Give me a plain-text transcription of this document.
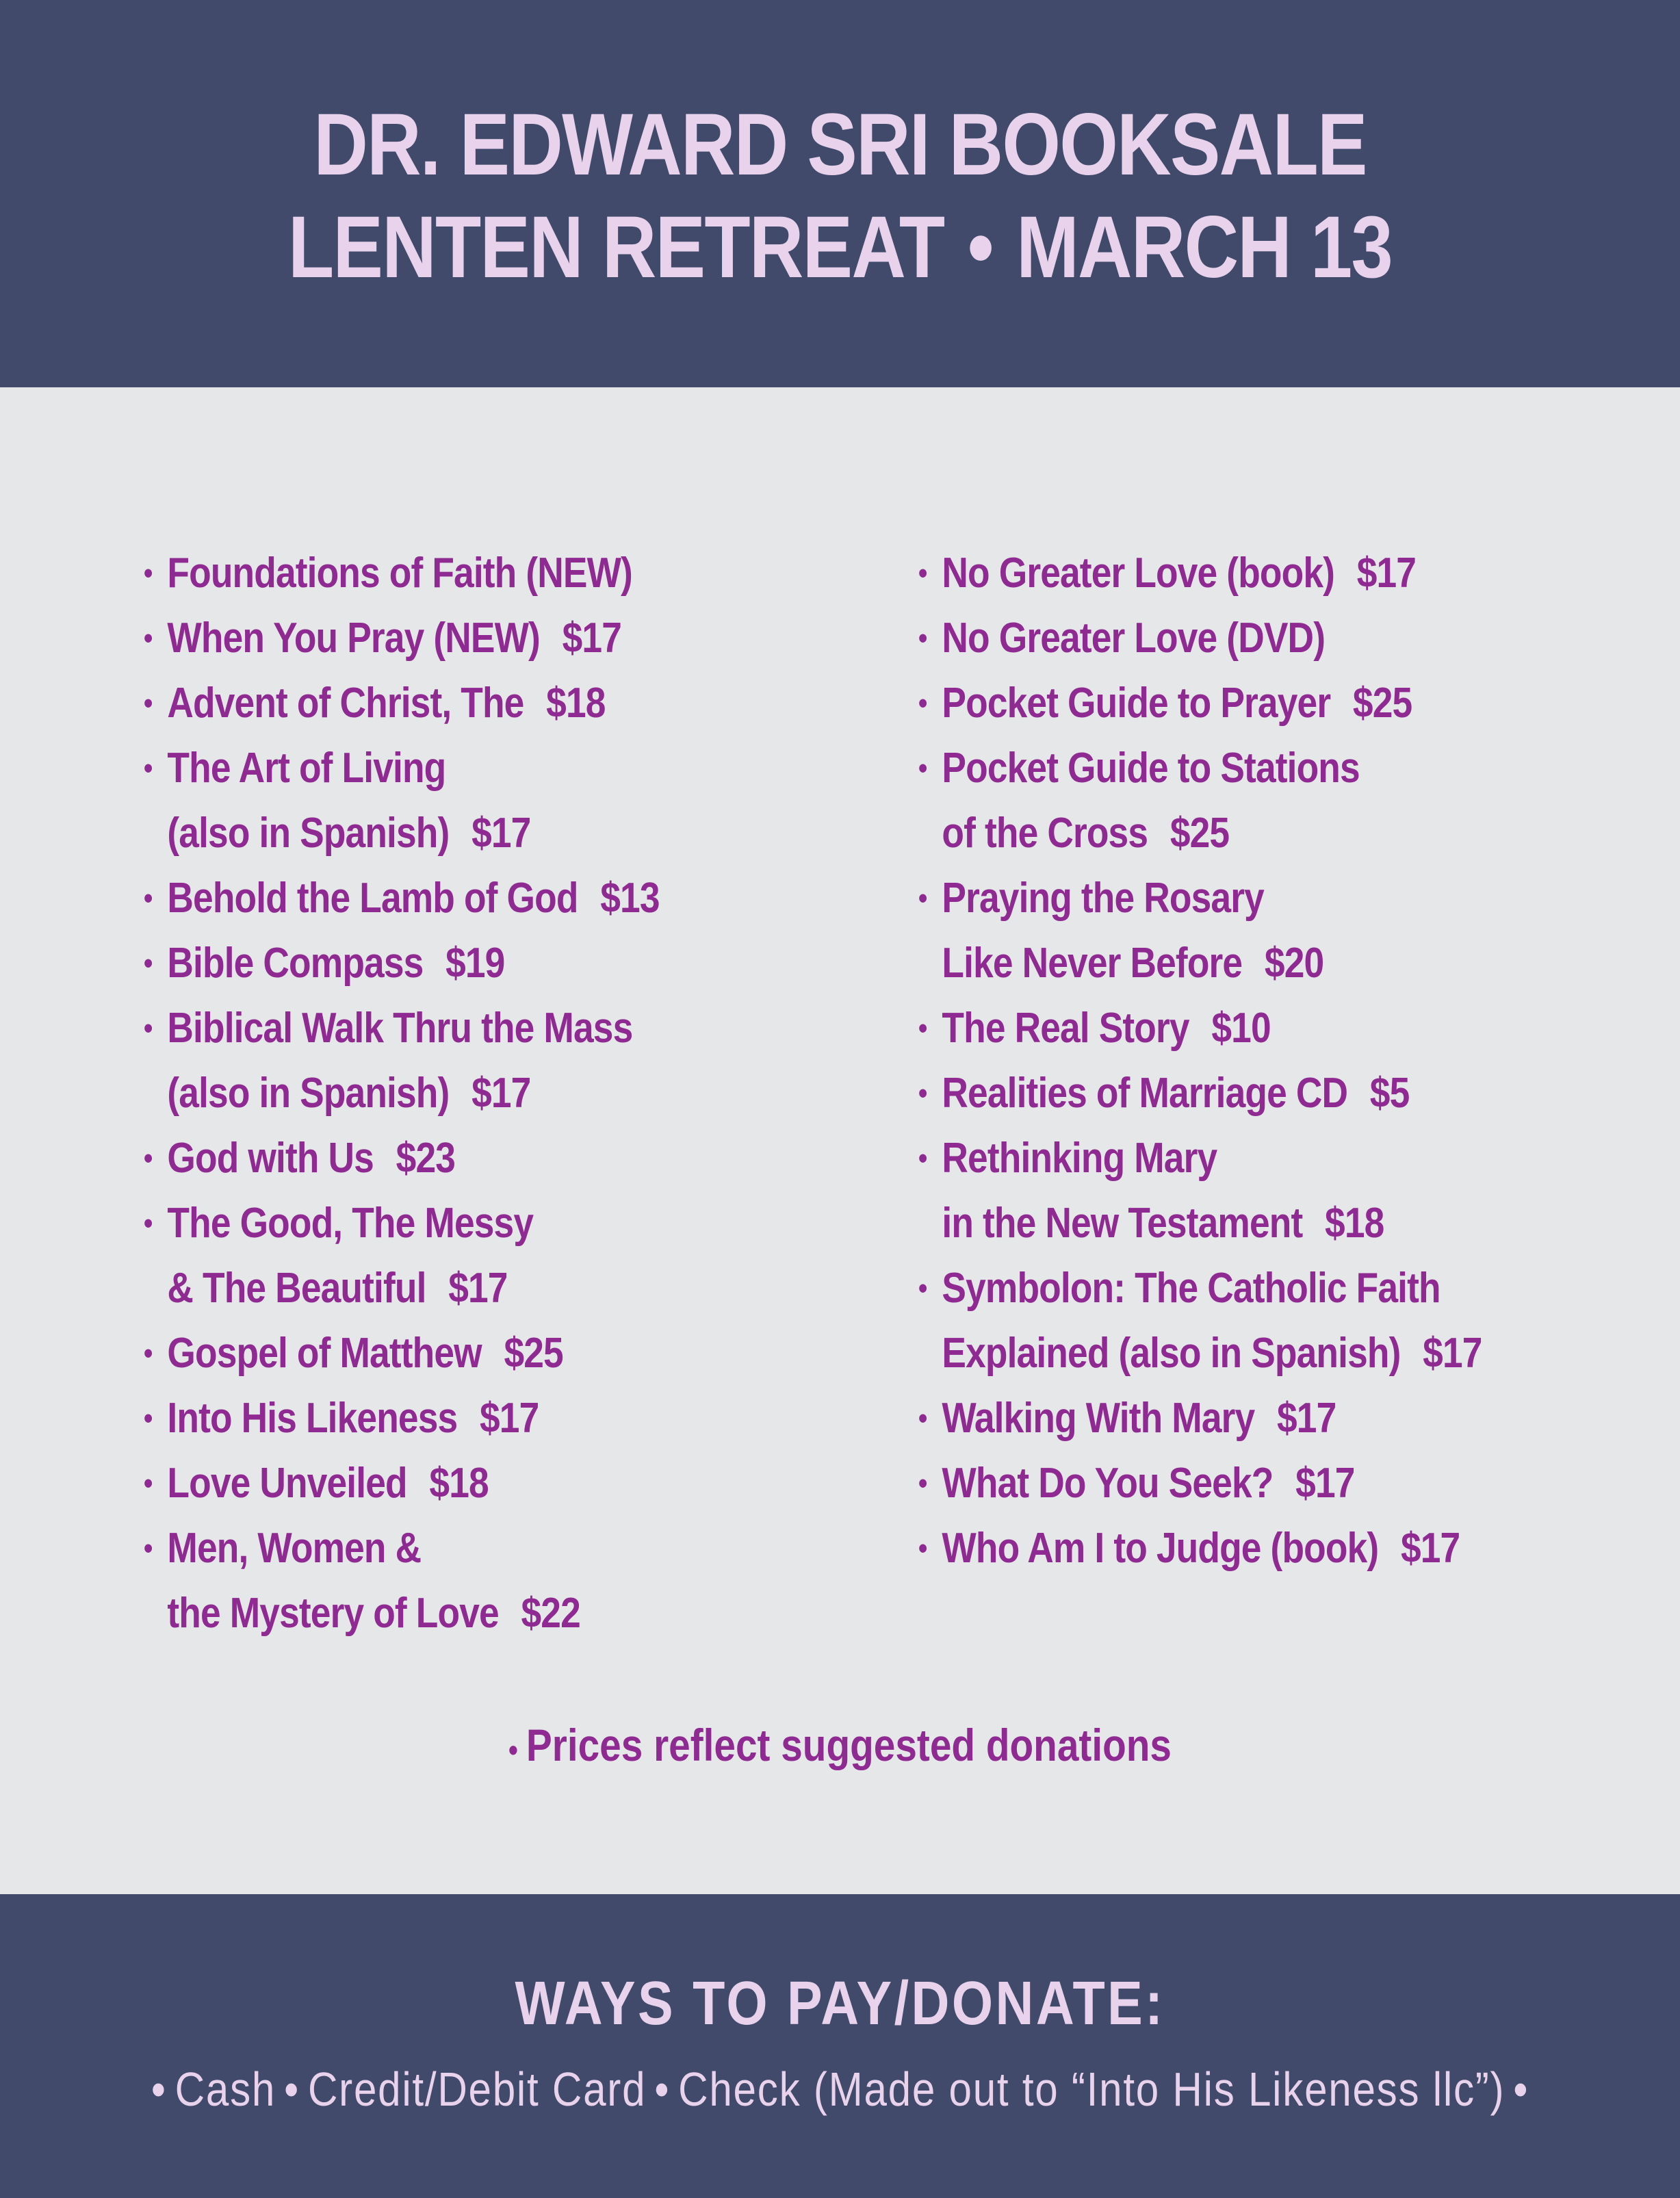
DR. EDWARD SRI BOOKSALE
LENTEN RETREAT • MARCH 13
• Foundations of Faith (NEW)
• When You Pray (NEW) $17
• Advent of Christ, The $18
• The Art of Living
(also in Spanish) $17
• Behold the Lamb of God $13
• Bible Compass $19
• Biblical Walk Thru the Mass
(also in Spanish) $17
• God with Us $23
• The Good, The Messy
& The Beautiful $17
• Gospel of Matthew $25
• Into His Likeness $17
• Love Unveiled $18
• Men, Women &
the Mystery of Love $22
• No Greater Love (book) $17
• No Greater Love (DVD)
• Pocket Guide to Prayer $25
• Pocket Guide to Stations
of the Cross $25
• Praying the Rosary
Like Never Before $20
• The Real Story $10
• Realities of Marriage CD $5
• Rethinking Mary
in the New Testament $18
• Symbolon: The Catholic Faith
Explained (also in Spanish) $17
• Walking With Mary $17
• What Do You Seek? $17
• Who Am I to Judge (book) $17
• Prices reflect suggested donations
WAYS TO PAY/DONATE:
• Cash • Credit/Debit Card • Check (Made out to “Into His Likeness llc”) •
